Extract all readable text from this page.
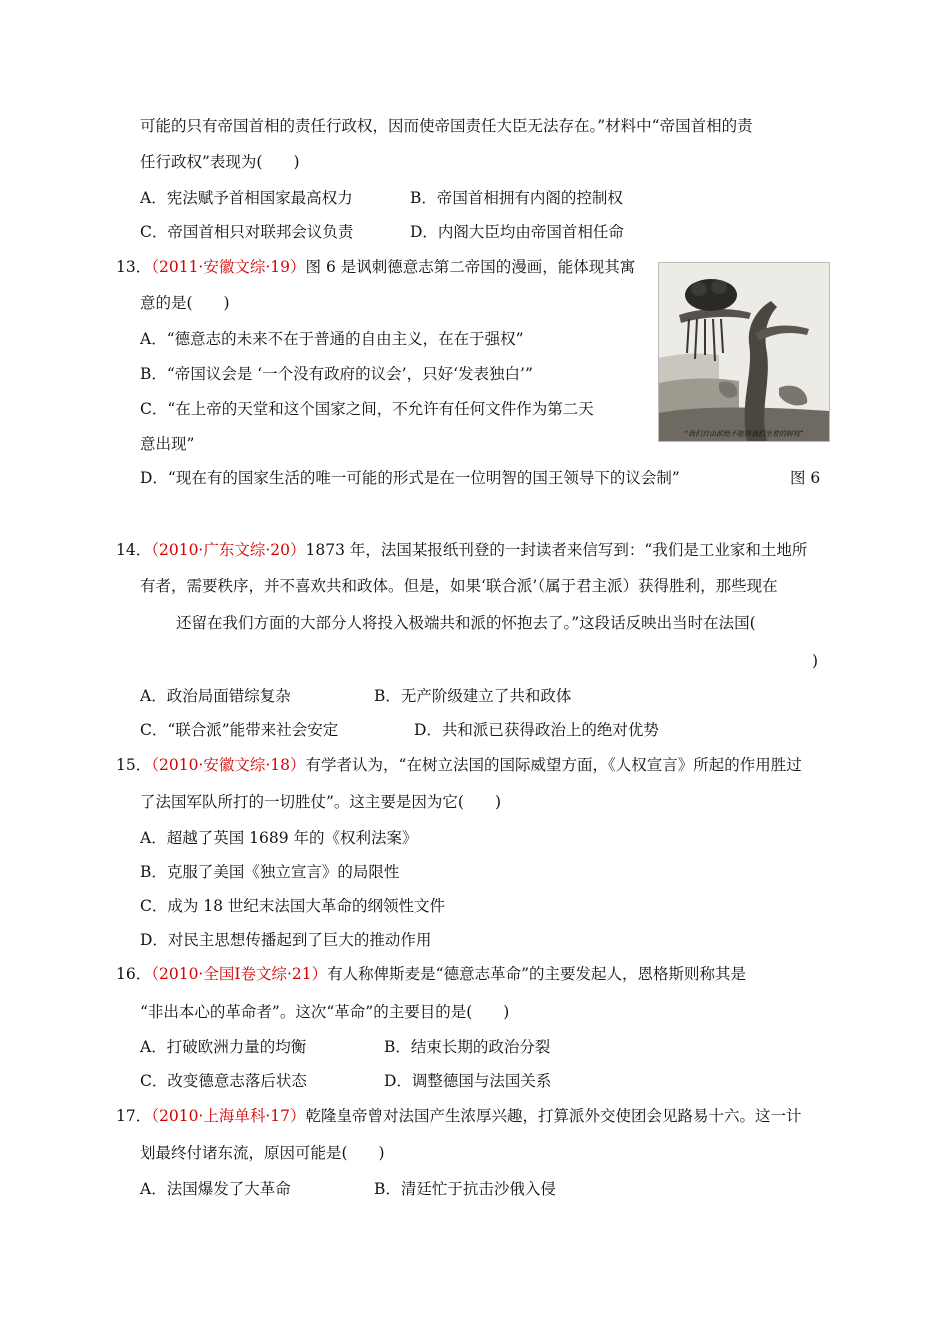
可能的只有帝国首相的责任行政权，因而使帝国责任大臣无法存在。”材料中“帝国首相的责
任行政权”表现为(　　)
A．宪法赋予首相国家最高权力	B．帝国首相拥有内阁的控制权
C．帝国首相只对联邦会议负责	D．内阁大臣均由帝国首相任命
13．（2011·安徽文综·19）图 6 是讽刺德意志第二帝国的漫画，能体现其寓
意的是(　　)
A．“德意志的未来不在于普通的自由主义，在在于强权”
B．“帝国议会是 ‘一个没有政府的议会’，只好‘发表独白’”
C．“在上帝的天堂和这个国家之间，不允许有任何文件作为第二天
意出现”
D．“现在有的国家生活的唯一可能的形式是在一位明智的国王领导下的议会制”	图 6
“我们自由派绝不能拌我们坐着的树枝”
14．（2010·广东文综·20）1873 年，法国某报纸刊登的一封读者来信写到：“我们是工业家和土地所
有者，需要秩序，并不喜欢共和政体。但是，如果‘联合派’（属于君主派）获得胜利，那些现在
还留在我们方面的大部分人将投入极端共和派的怀抱去了。”这段话反映出当时在法国(
)
A．政治局面错综复杂	B．无产阶级建立了共和政体
C．“联合派”能带来社会安定	D．共和派已获得政治上的绝对优势
15．（2010·安徽文综·18）有学者认为，“在树立法国的国际威望方面，《人权宣言》所起的作用胜过
了法国军队所打的一切胜仗”。这主要是因为它(　　)
A．超越了英国 1689 年的《权利法案》
B．克服了美国《独立宣言》的局限性
C．成为 18 世纪末法国大革命的纲领性文件
D．对民主思想传播起到了巨大的推动作用
16．（2010·全国Ⅰ卷文综·21）有人称俾斯麦是“德意志革命”的主要发起人，恩格斯则称其是
“非出本心的革命者”。这次“革命”的主要目的是(　　)
A．打破欧洲力量的均衡	B．结束长期的政治分裂
C．改变德意志落后状态	D．调整德国与法国关系
17．（2010·上海单科·17）乾隆皇帝曾对法国产生浓厚兴趣，打算派外交使团会见路易十六。这一计
划最终付诸东流，原因可能是(　　)
A．法国爆发了大革命	B．清廷忙于抗击沙俄入侵
